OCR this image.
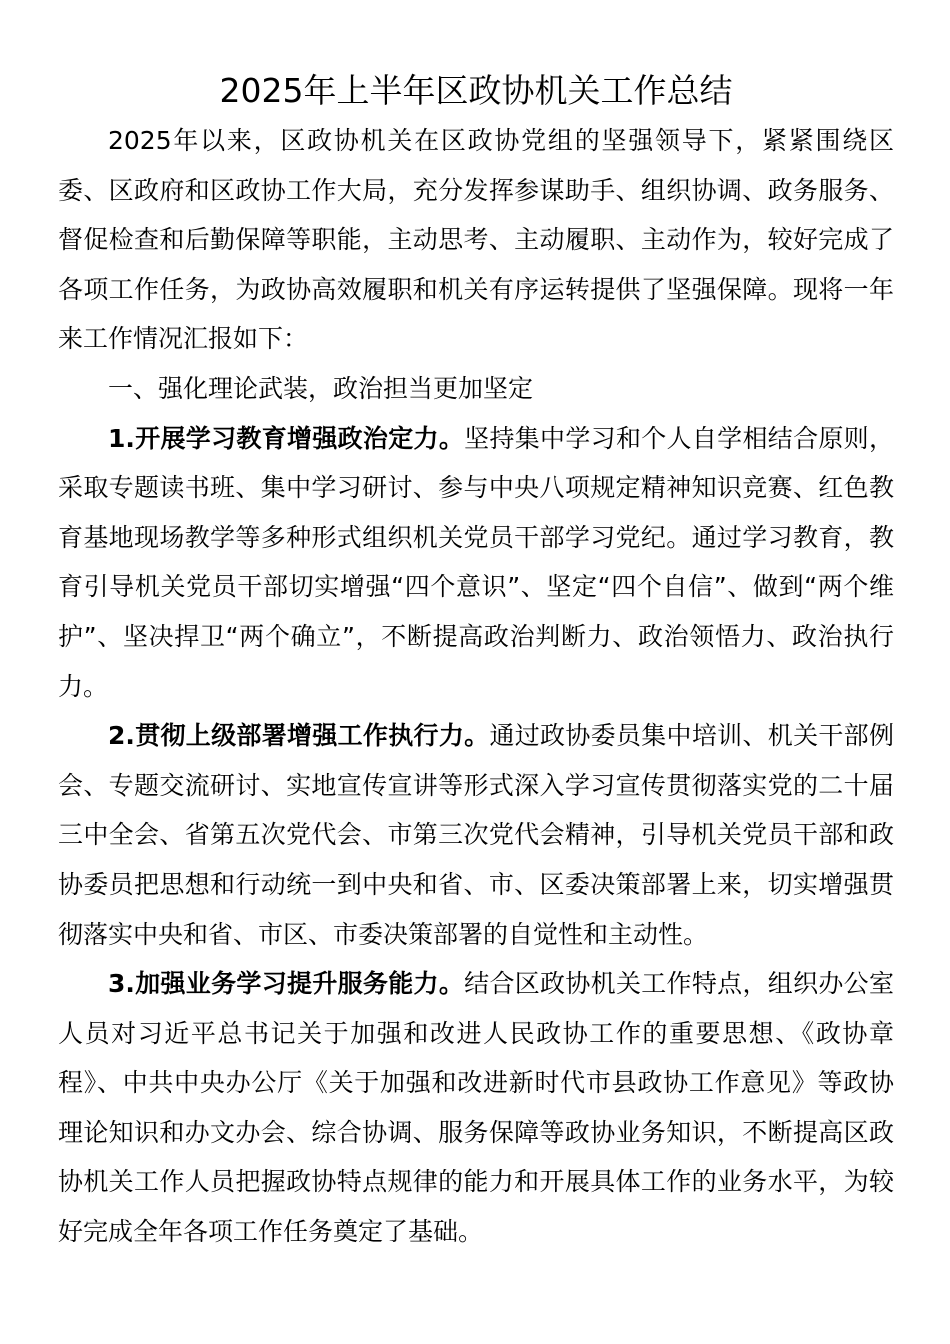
2025年上半年区政协机关工作总结

2025年以来，区政协机关在区政协党组的坚强领导下，紧紧围绕区委、区政府和区政协工作大局，充分发挥参谋助手、组织协调、政务服务、督促检查和后勤保障等职能，主动思考、主动履职、主动作为，较好完成了各项工作任务，为政协高效履职和机关有序运转提供了坚强保障。现将一年来工作情况汇报如下：

一、强化理论武装，政治担当更加坚定

1.开展学习教育增强政治定力。坚持集中学习和个人自学相结合原则，采取专题读书班、集中学习研讨、参与中央八项规定精神知识竞赛、红色教育基地现场教学等多种形式组织机关党员干部学习党纪。通过学习教育，教育引导机关党员干部切实增强“四个意识”、坚定“四个自信”、做到“两个维护”、坚决捍卫“两个确立”，不断提高政治判断力、政治领悟力、政治执行力。

2.贯彻上级部署增强工作执行力。通过政协委员集中培训、机关干部例会、专题交流研讨、实地宣传宣讲等形式深入学习宣传贯彻落实党的二十届三中全会、省第五次党代会、市第三次党代会精神，引导机关党员干部和政协委员把思想和行动统一到中央和省、市、区委决策部署上来，切实增强贯彻落实中央和省、市区、市委决策部署的自觉性和主动性。

3.加强业务学习提升服务能力。结合区政协机关工作特点，组织办公室人员对习近平总书记关于加强和改进人民政协工作的重要思想、《政协章程》、中共中央办公厅《关于加强和改进新时代市县政协工作意见》等政协理论知识和办文办会、综合协调、服务保障等政协业务知识，不断提高区政协机关工作人员把握政协特点规律的能力和开展具体工作的业务水平，为较好完成全年各项工作任务奠定了基础。
